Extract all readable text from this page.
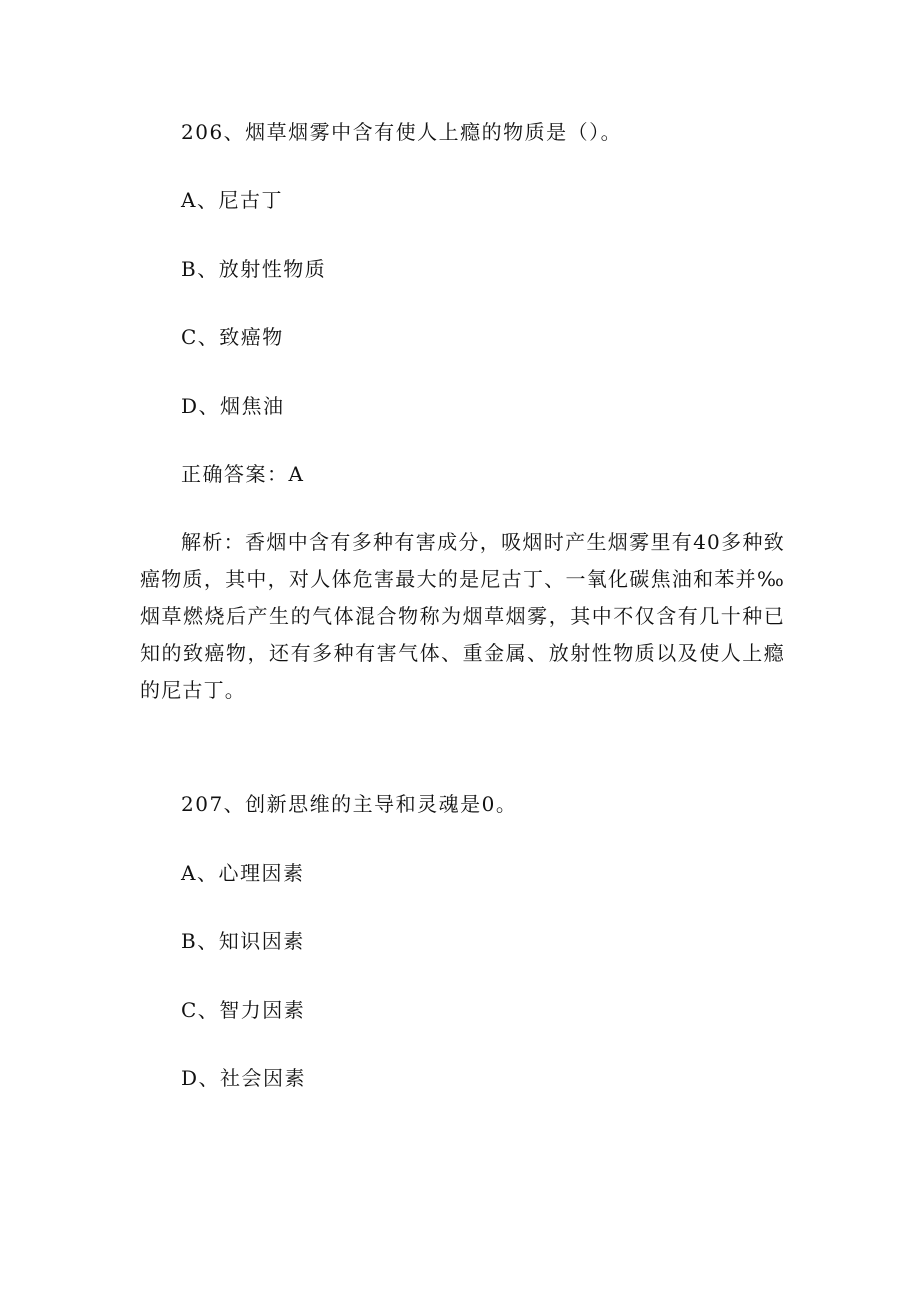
206、烟草烟雾中含有使人上瘾的物质是（）。
A、尼古丁
B、放射性物质
C、致癌物
D、烟焦油
正确答案：A
解析：香烟中含有多种有害成分，吸烟时产生烟雾里有40多种致癌物质，其中，对人体危害最大的是尼古丁、一氧化碳焦油和苯并‰烟草燃烧后产生的气体混合物称为烟草烟雾，其中不仅含有几十种已知的致癌物，还有多种有害气体、重金属、放射性物质以及使人上瘾的尼古丁。
207、创新思维的主导和灵魂是0。
A、心理因素
B、知识因素
C、智力因素
D、社会因素
